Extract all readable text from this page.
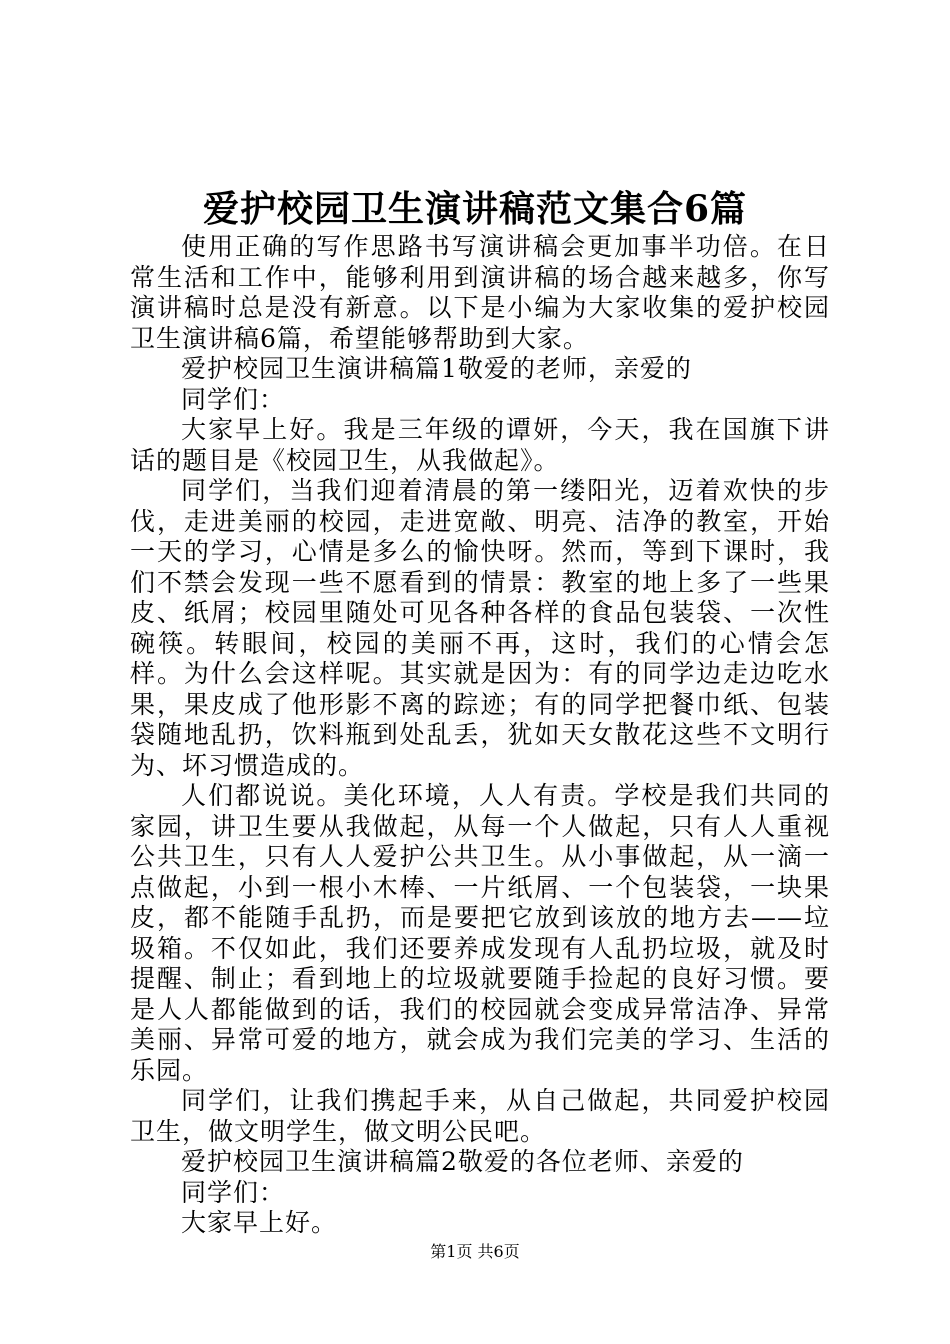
爱护校园卫生演讲稿范文集合6篇

使用正确的写作思路书写演讲稿会更加事半功倍。在日常生活和工作中，能够利用到演讲稿的场合越来越多，你写演讲稿时总是没有新意。以下是小编为大家收集的爱护校园卫生演讲稿6篇，希望能够帮助到大家。

爱护校园卫生演讲稿篇1敬爱的老师，亲爱的

同学们：

大家早上好。我是三年级的谭妍，今天，我在国旗下讲话的题目是《校园卫生，从我做起》。

同学们，当我们迎着清晨的第一缕阳光，迈着欢快的步伐，走进美丽的校园，走进宽敞、明亮、洁净的教室，开始一天的学习，心情是多么的愉快呀。然而，等到下课时，我们不禁会发现一些不愿看到的情景：教室的地上多了一些果皮、纸屑；校园里随处可见各种各样的食品包装袋、一次性碗筷。转眼间，校园的美丽不再，这时，我们的心情会怎样。为什么会这样呢。其实就是因为：有的同学边走边吃水果，果皮成了他形影不离的踪迹；有的同学把餐巾纸、包装袋随地乱扔，饮料瓶到处乱丢，犹如天女散花这些不文明行为、坏习惯造成的。

人们都说说。美化环境，人人有责。学校是我们共同的家园，讲卫生要从我做起，从每一个人做起，只有人人重视公共卫生，只有人人爱护公共卫生。从小事做起，从一滴一点做起，小到一根小木棒、一片纸屑、一个包装袋，一块果皮，都不能随手乱扔，而是要把它放到该放的地方去——垃圾箱。不仅如此，我们还要养成发现有人乱扔垃圾，就及时提醒、制止；看到地上的垃圾就要随手捡起的良好习惯。要是人人都能做到的话，我们的校园就会变成异常洁净、异常美丽、异常可爱的地方，就会成为我们完美的学习、生活的乐园。

同学们，让我们携起手来，从自己做起，共同爱护校园卫生，做文明学生，做文明公民吧。

爱护校园卫生演讲稿篇2敬爱的各位老师、亲爱的

同学们：

大家早上好。

第1页 共6页
